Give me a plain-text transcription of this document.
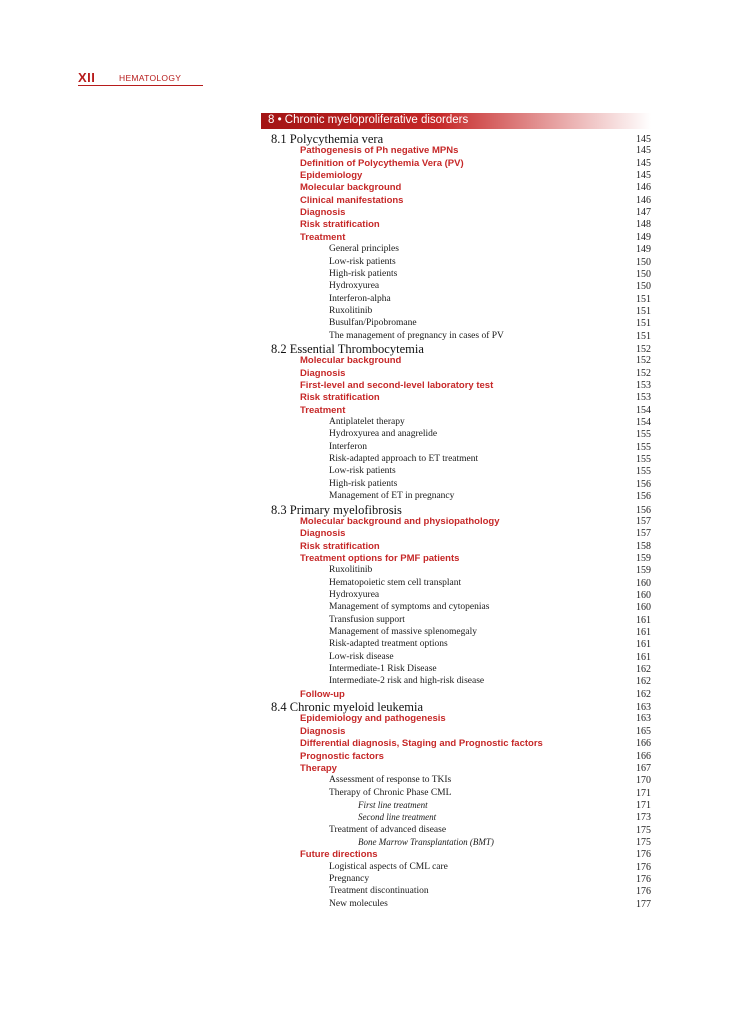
XII	HEMATOLOGY
8 • Chronic myeloproliferative disorders
8.1 Polycythemia vera	145
Pathogenesis of Ph negative MPNs	145
Definition of Polycythemia Vera (PV)	145
Epidemiology	145
Molecular background	146
Clinical manifestations	146
Diagnosis	147
Risk stratification	148
Treatment	149
General principles	149
Low-risk patients	150
High-risk patients	150
Hydroxyurea	150
Interferon-alpha	151
Ruxolitinib	151
Busulfan/Pipobromane	151
The management of pregnancy in cases of PV	151
8.2 Essential Thrombocytemia	152
Molecular background	152
Diagnosis	152
First-level and second-level laboratory test	153
Risk stratification	153
Treatment	154
Antiplatelet therapy	154
Hydroxyurea and anagrelide	155
Interferon	155
Risk-adapted approach to ET treatment	155
Low-risk patients	155
High-risk patients	156
Management of ET in pregnancy	156
8.3 Primary myelofibrosis	156
Molecular background and physiopathology	157
Diagnosis	157
Risk stratification	158
Treatment options for PMF patients	159
Ruxolitinib	159
Hematopoietic stem cell transplant	160
Hydroxyurea	160
Management of symptoms and cytopenias	160
Transfusion support	161
Management of massive splenomegaly	161
Risk-adapted treatment options	161
Low-risk disease	161
Intermediate-1 Risk Disease	162
Intermediate-2 risk and high-risk disease	162
Follow-up	162
8.4 Chronic myeloid leukemia	163
Epidemiology and pathogenesis	163
Diagnosis	165
Differential diagnosis, Staging and Prognostic factors	166
Prognostic factors	166
Therapy	167
Assessment of response to TKIs	170
Therapy of Chronic Phase CML	171
First line treatment	171
Second line treatment	173
Treatment of advanced disease	175
Bone Marrow Transplantation (BMT)	175
Future directions	176
Logistical aspects of CML care	176
Pregnancy	176
Treatment discontinuation	176
New molecules	177
